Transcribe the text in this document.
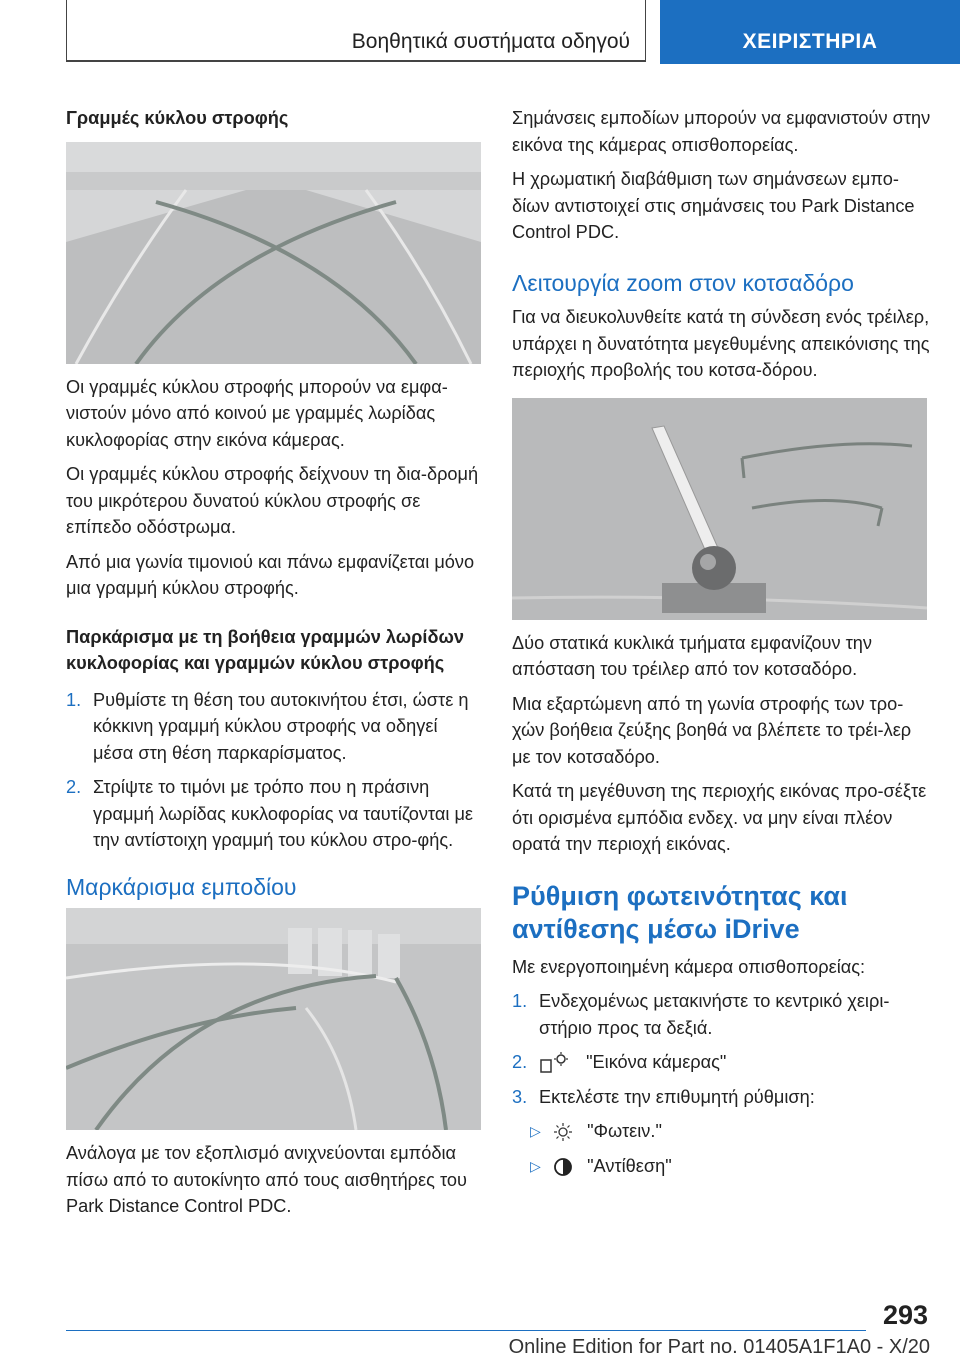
Βοηθητικά συστήματα οδηγού	ΧΕΙΡΙΣΤΗΡΙΑ
Γραμμές κύκλου στροφής

Οι γραμμές κύκλου στροφής μπορούν να εμφα-νιστούν μόνο από κοινού με γραμμές λωρίδας κυκλοφορίας στην εικόνα κάμερας.

Οι γραμμές κύκλου στροφής δείχνουν τη δια-δρομή του μικρότερου δυνατού κύκλου στροφής σε επίπεδο οδόστρωμα.

Από μια γωνία τιμονιού και πάνω εμφανίζεται μόνο μια γραμμή κύκλου στροφής.

Παρκάρισμα με τη βοήθεια γραμμών λωρίδων κυκλοφορίας και γραμμών κύκλου στροφής
1. Ρυθμίστε τη θέση του αυτοκινήτου έτσι, ώστε η κόκκινη γραμμή κύκλου στροφής να οδηγεί μέσα στη θέση παρκαρίσματος.
2. Στρίψτε το τιμόνι με τρόπο που η πράσινη γραμμή λωρίδας κυκλοφορίας να ταυτίζονται με την αντίστοιχη γραμμή του κύκλου στρο-φής.
Μαρκάρισμα εμποδίου

Ανάλογα με τον εξοπλισμό ανιχνεύονται εμπόδια πίσω από το αυτοκίνητο από τους αισθητήρες του Park Distance Control PDC.

Σημάνσεις εμποδίων μπορούν να εμφανιστούν στην εικόνα της κάμερας οπισθοπορείας.

Η χρωματική διαβάθμιση των σημάνσεων εμπο-δίων αντιστοιχεί στις σημάνσεις του Park Distance Control PDC.

Λειτουργία zoom στον κοτσαδόρο

Για να διευκολυνθείτε κατά τη σύνδεση ενός τρέιλερ, υπάρχει η δυνατότητα μεγεθυμένης απεικόνισης της περιοχής προβολής του κοτσα-δόρου.

Δύο στατικά κυκλικά τμήματα εμφανίζουν την απόσταση του τρέιλερ από τον κοτσαδόρο.

Μια εξαρτώμενη από τη γωνία στροφής των τρο-χών βοήθεια ζεύξης βοηθά να βλέπετε το τρέι-λερ με τον κοτσαδόρο.

Κατά τη μεγέθυνση της περιοχής εικόνας προ-σέξτε ότι ορισμένα εμπόδια ενδεχ. να μην είναι πλέον ορατά την περιοχή εικόνας.

Ρύθμιση φωτεινότητας και αντίθεσης μέσω iDrive

Με ενεργοποιημένη κάμερα οπισθοπορείας:

1. Ενδεχομένως μετακινήστε το κεντρικό χειρι-στήριο προς τα δεξιά.
2.	"Εικόνα κάμερας"
3. Εκτελέστε την επιθυμητή ρύθμιση:
▷	"Φωτειν."
▷	"Αντίθεση"
293
Online Edition for Part no. 01405A1F1A0 - X/20
